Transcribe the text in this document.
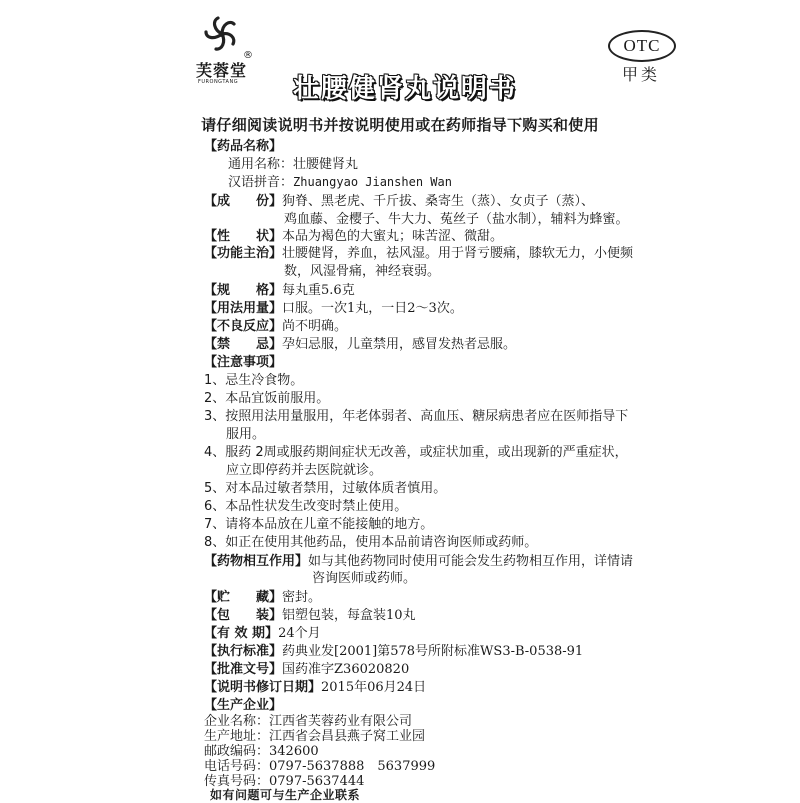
®
芙蓉堂
FURONGTANG
OTC
甲类
壮腰健肾丸说明书
请仔细阅读说明书并按说明使用或在药师指导下购买和使用
【药品名称】
通用名称：壮腰健肾丸
汉语拼音：Zhuangyao Jianshen Wan
【成　　份】狗脊、黑老虎、千斤拔、桑寄生（蒸）、女贞子（蒸）、
鸡血藤、金樱子、牛大力、菟丝子（盐水制），辅料为蜂蜜。
【性　　状】本品为褐色的大蜜丸；味苦涩、微甜。
【功能主治】壮腰健肾，养血，祛风湿。用于肾亏腰痛，膝软无力，小便频
数，风湿骨痛，神经衰弱。
【规　　格】每丸重5.6克
【用法用量】口服。一次1丸，一日2～3次。
【不良反应】尚不明确。
【禁　　忌】孕妇忌服，儿童禁用，感冒发热者忌服。
【注意事项】
1、忌生冷食物。
2、本品宜饭前服用。
3、按照用法用量服用，年老体弱者、高血压、糖尿病患者应在医师指导下
服用。
4、服药 2周或服药期间症状无改善，或症状加重，或出现新的严重症状，
应立即停药并去医院就诊。
5、对本品过敏者禁用，过敏体质者慎用。
6、本品性状发生改变时禁止使用。
7、请将本品放在儿童不能接触的地方。
8、如正在使用其他药品，使用本品前请咨询医师或药师。
【药物相互作用】如与其他药物同时使用可能会发生药物相互作用，详情请
咨询医师或药师。
【贮　　藏】密封。
【包　　装】铝塑包装，每盒装10丸
【有 效 期】24个月
【执行标准】药典业发[2001]第578号所附标准WS3-B-0538-91
【批准文号】国药准字Z36020820
【说明书修订日期】2015年06月24日
【生产企业】
企业名称：江西省芙蓉药业有限公司
生产地址：江西省会昌县燕子窝工业园
邮政编码：342600
电话号码：0797-5637888　5637999
传真号码：0797-5637444
如有问题可与生产企业联系
